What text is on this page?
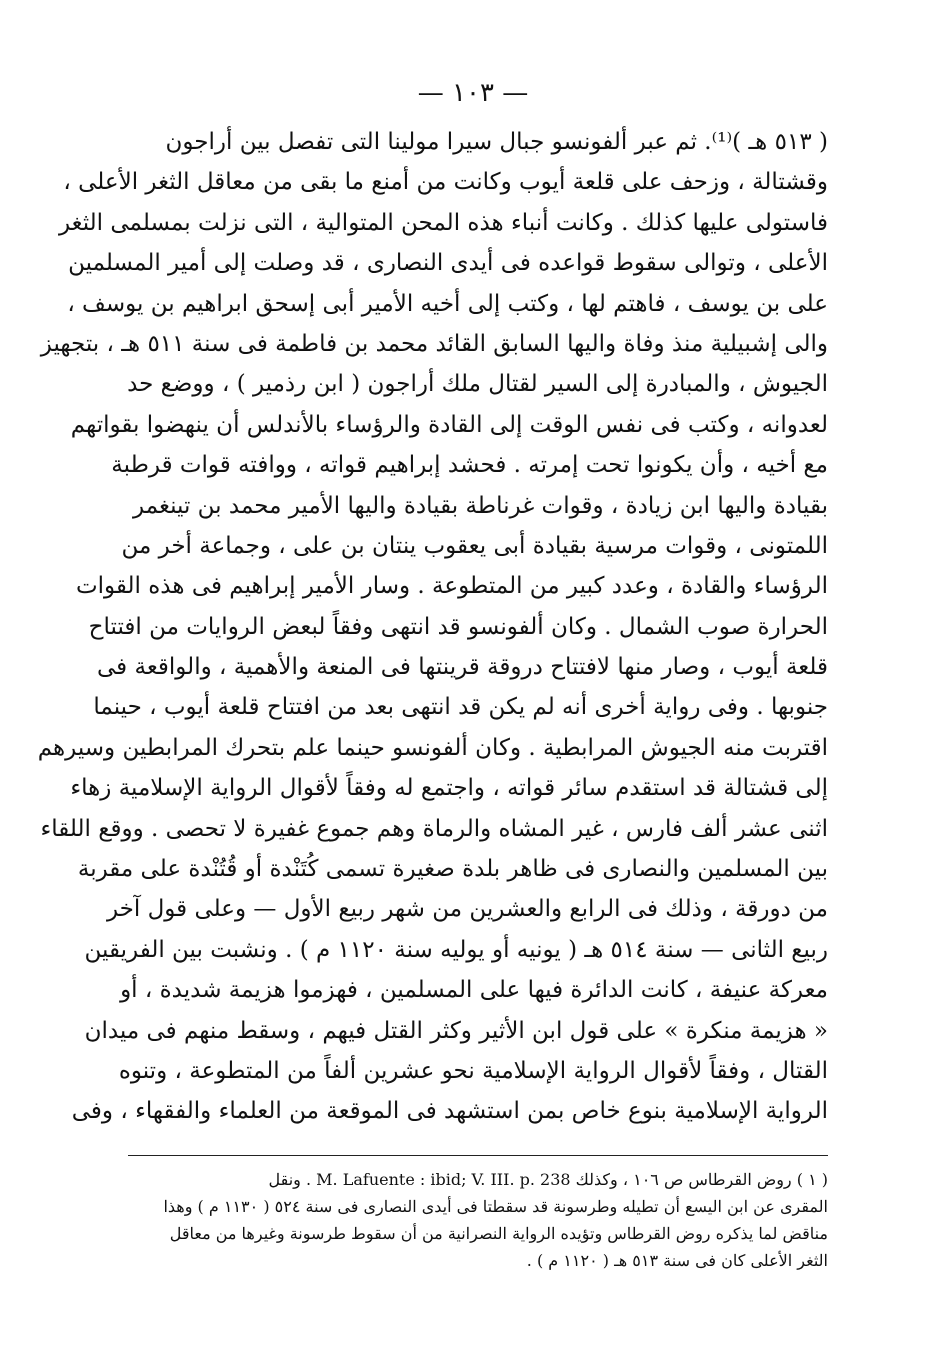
— ١٠٣ —
( ٥١٣ هـ )⁽¹⁾. ثم عبر ألفونسو جبال سيرا مولينا التى تفصل بين أراجون
وقشتالة ، وزحف على قلعة أيوب وكانت من أمنع ما بقى من معاقل الثغر الأعلى ،
فاستولى عليها كذلك . وكانت أنباء هذه المحن المتوالية ، التى نزلت بمسلمى الثغر
الأعلى ، وتوالى سقوط قواعده فى أيدى النصارى ، قد وصلت إلى أمير المسلمين
على بن يوسف ، فاهتم لها ، وكتب إلى أخيه الأمير أبى إسحق ابراهيم بن يوسف ،
والى إشبيلية منذ وفاة واليها السابق القائد محمد بن فاطمة فى سنة ٥١١ هـ ، بتجهيز
الجيوش ، والمبادرة إلى السير لقتال ملك أراجون ( ابن رذمير ) ، ووضع حد
لعدوانه ، وكتب فى نفس الوقت إلى القادة والرؤساء بالأندلس أن ينهضوا بقواتهم
مع أخيه ، وأن يكونوا تحت إمرته . فحشد إبراهيم قواته ، ووافته قوات قرطبة
بقيادة واليها ابن زيادة ، وقوات غرناطة بقيادة واليها الأمير محمد بن تينغمر
اللمتونى ، وقوات مرسية بقيادة أبى يعقوب ينتان بن على ، وجماعة أخر من
الرؤساء والقادة ، وعدد كبير من المتطوعة . وسار الأمير إبراهيم فى هذه القوات
الحرارة صوب الشمال . وكان ألفونسو قد انتهى وفقاً لبعض الروايات من افتتاح
قلعة أيوب ، وصار منها لافتتاح دروقة قرينتها فى المنعة والأهمية ، والواقعة فى
جنوبها . وفى رواية أخرى أنه لم يكن قد انتهى بعد من افتتاح قلعة أيوب ، حينما
اقتربت منه الجيوش المرابطية . وكان ألفونسو حينما علم بتحرك المرابطين وسيرهم
إلى قشتالة قد استقدم سائر قواته ، واجتمع له وفقاً لأقوال الرواية الإسلامية زهاء
اثنى عشر ألف فارس ، غير المشاه والرماة وهم جموع غفيرة لا تحصى . ووقع اللقاء
بين المسلمين والنصارى فى ظاهر بلدة صغيرة تسمى كُتَنْدة أو قُتُنْدة على مقربة
من دورقة ، وذلك فى الرابع والعشرين من شهر ربيع الأول — وعلى قول آخر
ربيع الثانى — سنة ٥١٤ هـ ( يونيه أو يوليه سنة ١١٢٠ م ) . ونشبت بين الفريقين
معركة عنيفة ، كانت الدائرة فيها على المسلمين ، فهزموا هزيمة شديدة ، أو
« هزيمة منكرة » على قول ابن الأثير وكثر القتل فيهم ، وسقط منهم فى ميدان
القتال ، وفقاً لأقوال الرواية الإسلامية نحو عشرين ألفاً من المتطوعة ، وتنوه
الرواية الإسلامية بنوع خاص بمن استشهد فى الموقعة من العلماء والفقهاء ، وفى
( ١ ) روض القرطاس ص ١٠٦ ، وكذلك M. Lafuente : ibid; V. III. p. 238 . ونقل
المقرى عن ابن اليسع أن تطيله وطرسونة قد سقطتا فى أيدى النصارى فى سنة ٥٢٤ ( ١١٣٠ م ) وهذا
مناقض لما يذكره روض القرطاس وتؤيده الرواية النصرانية من أن سقوط طرسونة وغيرها من معاقل
الثغر الأعلى كان فى سنة ٥١٣ هـ ( ١١٢٠ م ) .
